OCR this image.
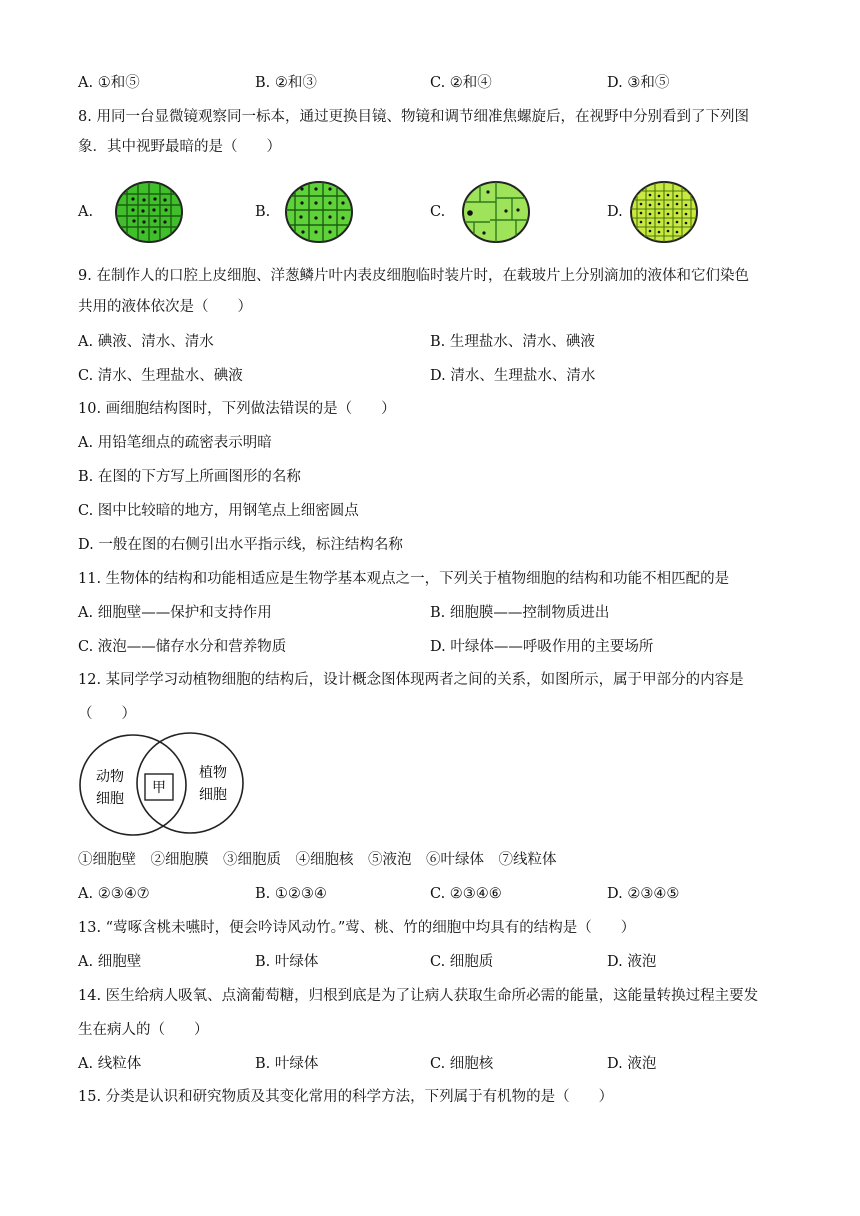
A. ①和⑤	B. ②和③	C. ②和④	D. ③和⑤
8. 用同一台显微镜观察同一标本，通过更换目镜、物镜和调节细准焦螺旋后，在视野中分别看到了下列图
象．其中视野最暗的是（　　）
A.	B.	C.	D.
9. 在制作人的口腔上皮细胞、洋葱鳞片叶内表皮细胞临时装片时，在载玻片上分别滴加的液体和它们染色
共用的液体依次是（　　）
A. 碘液、清水、清水	B. 生理盐水、清水、碘液
C. 清水、生理盐水、碘液	D. 清水、生理盐水、清水
10. 画细胞结构图时，下列做法错误的是（　　）
A. 用铅笔细点的疏密表示明暗
B. 在图的下方写上所画图形的名称
C. 图中比较暗的地方，用钢笔点上细密圆点
D. 一般在图的右侧引出水平指示线，标注结构名称
11. 生物体的结构和功能相适应是生物学基本观点之一，下列关于植物细胞的结构和功能不相匹配的是
A. 细胞壁——保护和支持作用	B. 细胞膜——控制物质进出
C. 液泡——储存水分和营养物质	D. 叶绿体——呼吸作用的主要场所
12. 某同学学习动植物细胞的结构后，设计概念图体现两者之间的关系，如图所示，属于甲部分的内容是
（　　）
动物
细胞
甲
植物
细胞
①细胞壁　②细胞膜　③细胞质　④细胞核　⑤液泡　⑥叶绿体　⑦线粒体
A. ②③④⑦	B. ①②③④	C. ②③④⑥	D. ②③④⑤
13. “莺啄含桃未嚥时，便会吟诗风动竹。”莺、桃、竹的细胞中均具有的结构是（　　）
A. 细胞壁	B. 叶绿体	C. 细胞质	D. 液泡
14. 医生给病人吸氧、点滴葡萄糖，归根到底是为了让病人获取生命所必需的能量，这能量转换过程主要发
生在病人的（　　）
A. 线粒体	B. 叶绿体	C. 细胞核	D. 液泡
15. 分类是认识和研究物质及其变化常用的科学方法，下列属于有机物的是（　　）
